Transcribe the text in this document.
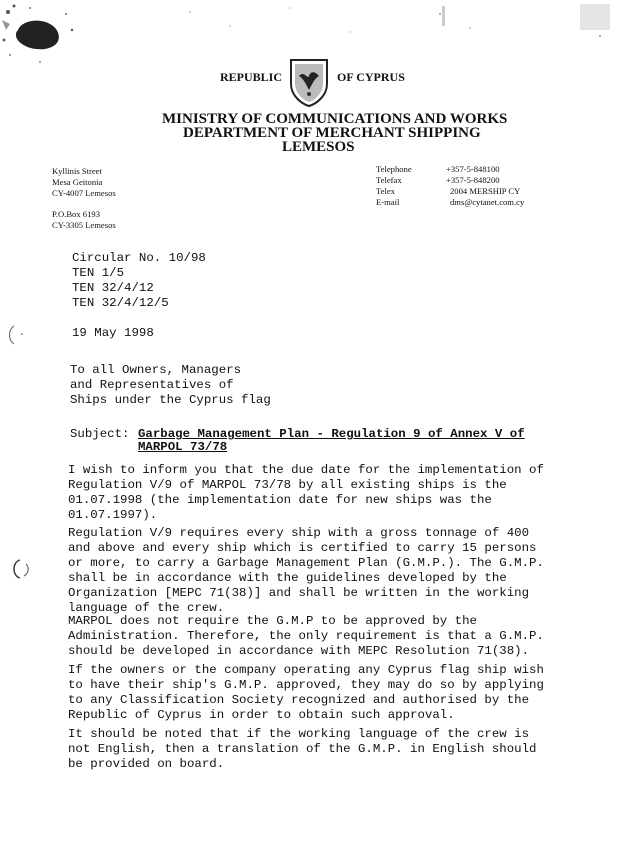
REPUBLIC	OF CYPRUS
MINISTRY OF COMMUNICATIONS AND WORKS
DEPARTMENT OF MERCHANT SHIPPING
LEMESOS
Kyllinis Street
Mesa Geitonia
CY-4007 Lemesos
P.O.Box 6193
CY-3305 Lemesos
Telephone	+357-5-848100
Telefax	+357-5-848200
Telex	2004 MERSHIP CY
E-mail	dms@cytanet.com.cy
Circular No. 10/98
TEN 1/5
TEN 32/4/12
TEN 32/4/12/5
19 May 1998
To all Owners, Managers
and Representatives of
Ships under the Cyprus flag
Subject: Garbage Management Plan - Regulation 9 of Annex V of
MARPOL 73/78
I wish to inform you that the due date for the implementation of
Regulation V/9 of MARPOL 73/78 by all existing ships is the
01.07.1998 (the implementation date for new ships was the
01.07.1997).
Regulation V/9 requires every ship with a gross tonnage of 400
and above and every ship which is certified to carry 15 persons
or more, to carry a Garbage Management Plan (G.M.P.). The G.M.P.
shall be in accordance with the guidelines developed by the
Organization [MEPC 71(38)] and shall be written in the working
language of the crew.
MARPOL does not require the G.M.P to be approved by the
Administration. Therefore, the only requirement is that a G.M.P.
should be developed in accordance with MEPC Resolution 71(38).
If the owners or the company operating any Cyprus flag ship wish
to have their ship's G.M.P. approved, they may do so by applying
to any Classification Society recognized and authorised by the
Republic of Cyprus in order to obtain such approval.
It should be noted that if the working language of the crew is
not English, then a translation of the G.M.P. in English should
be provided on board.
